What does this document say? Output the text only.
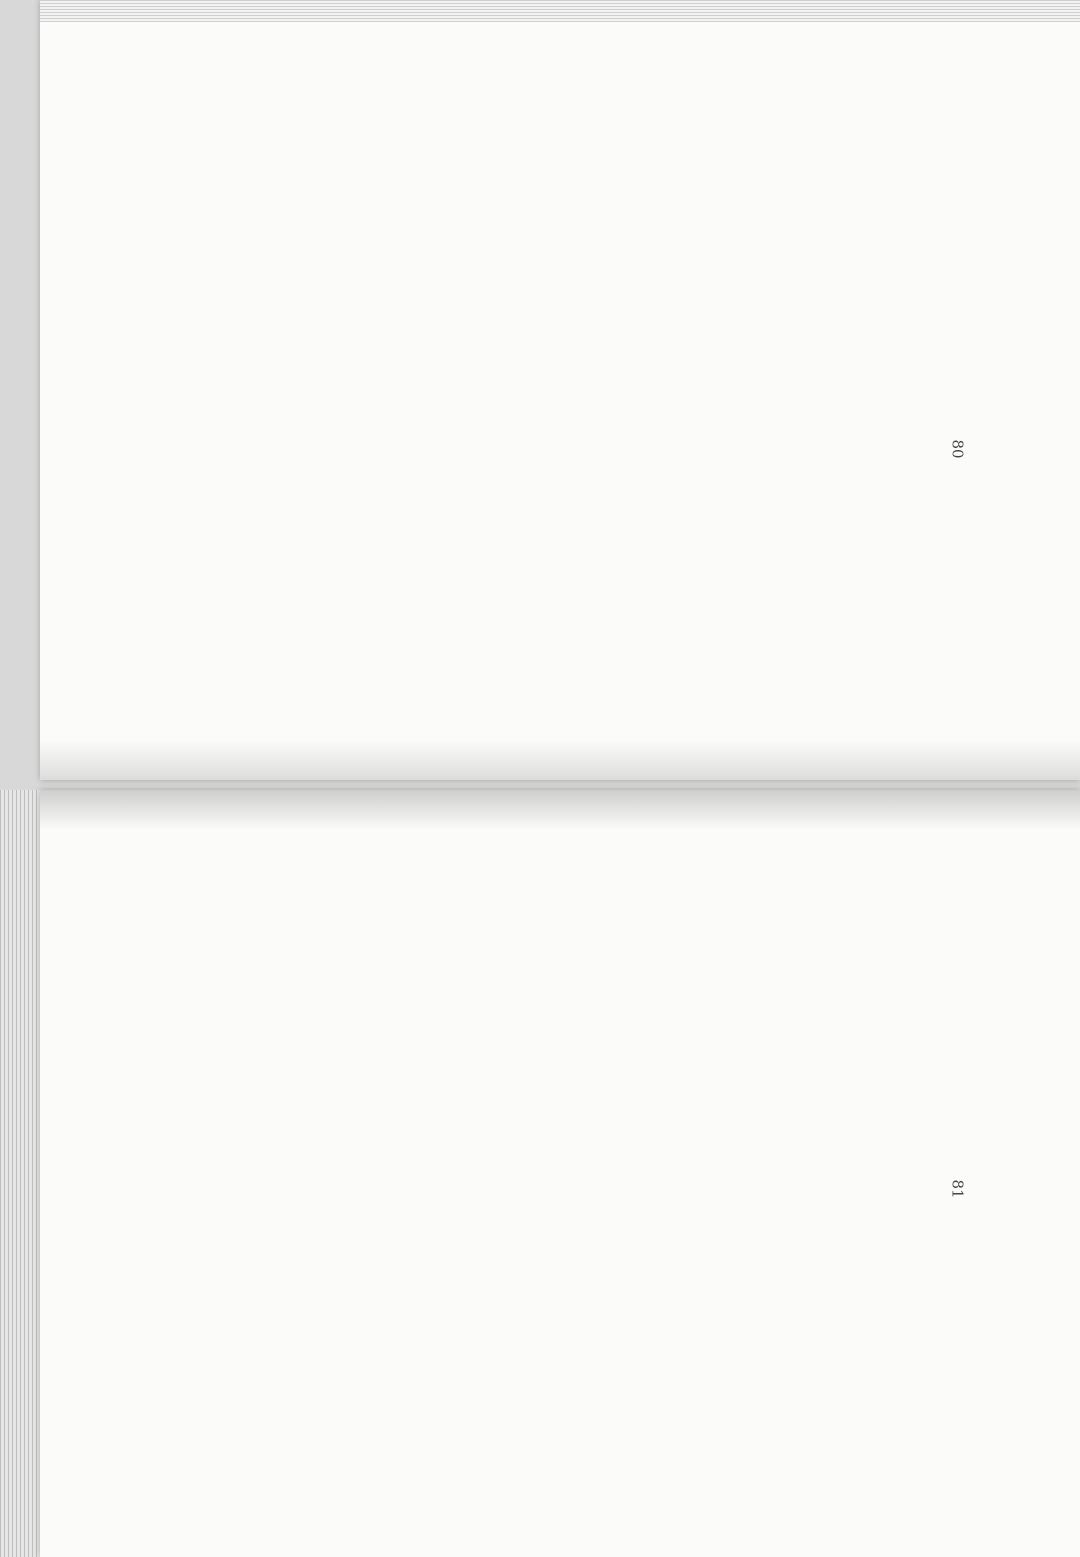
80
81
